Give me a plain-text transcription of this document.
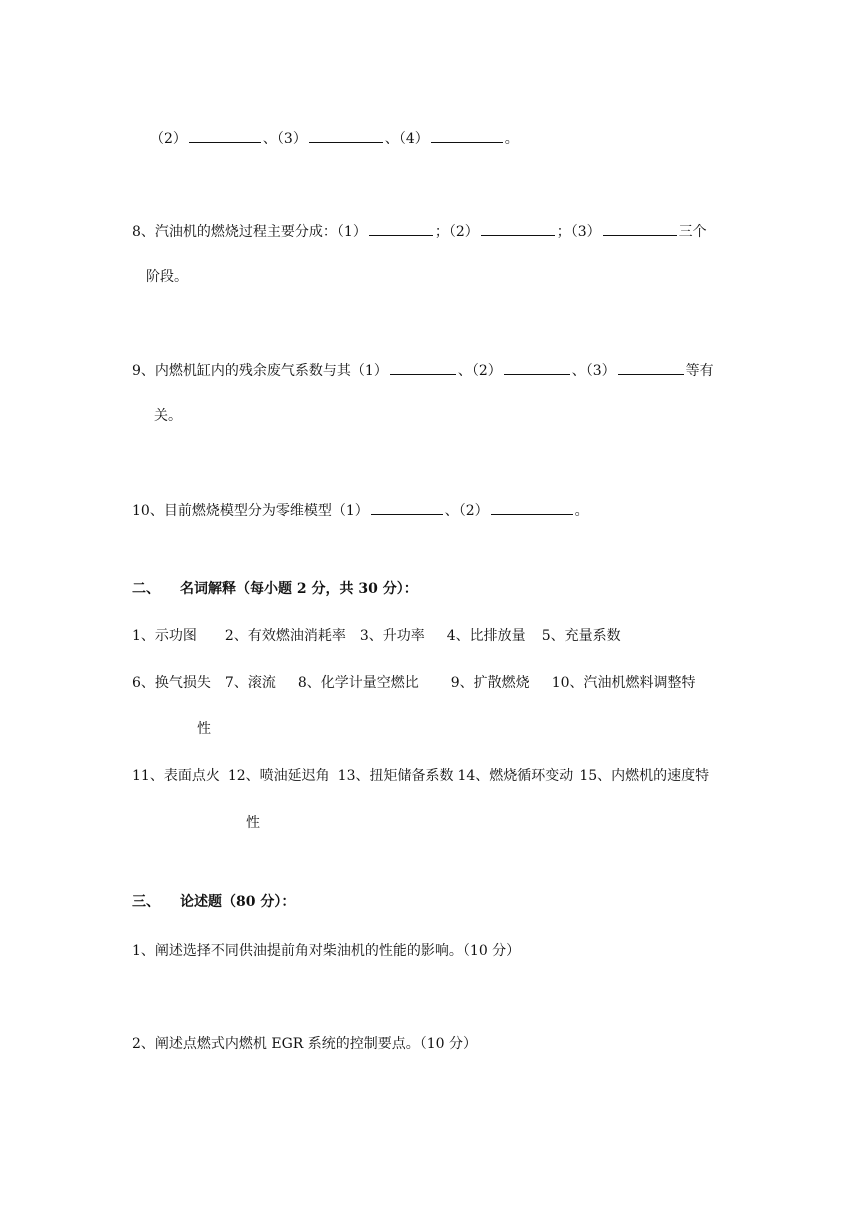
（2）	、（3）	、（4）	。
8、汽油机的燃烧过程主要分成：（1）	；（2）	；（3）	三个
阶段。
9、内燃机缸内的残余废气系数与其（1）	、（2）	、（3）	等有
关。
10、目前燃烧模型分为零维模型（1）	、（2）	。
二、 名词解释（每小题 2 分，共 30 分）：
1、示功图 2、有效燃油消耗率 3、升功率 4、比排放量 5、充量系数
6、换气损失 7、滚流 8、化学计量空燃比 9、扩散燃烧 10、汽油机燃料调整特
性
11、表面点火 12、喷油延迟角 13、扭矩储备系数 14、燃烧循环变动 15、内燃机的速度特
性
三、 论述题（80 分）：
1、阐述选择不同供油提前角对柴油机的性能的影响。（10 分）
2、阐述点燃式内燃机 EGR 系统的控制要点。（10 分）
